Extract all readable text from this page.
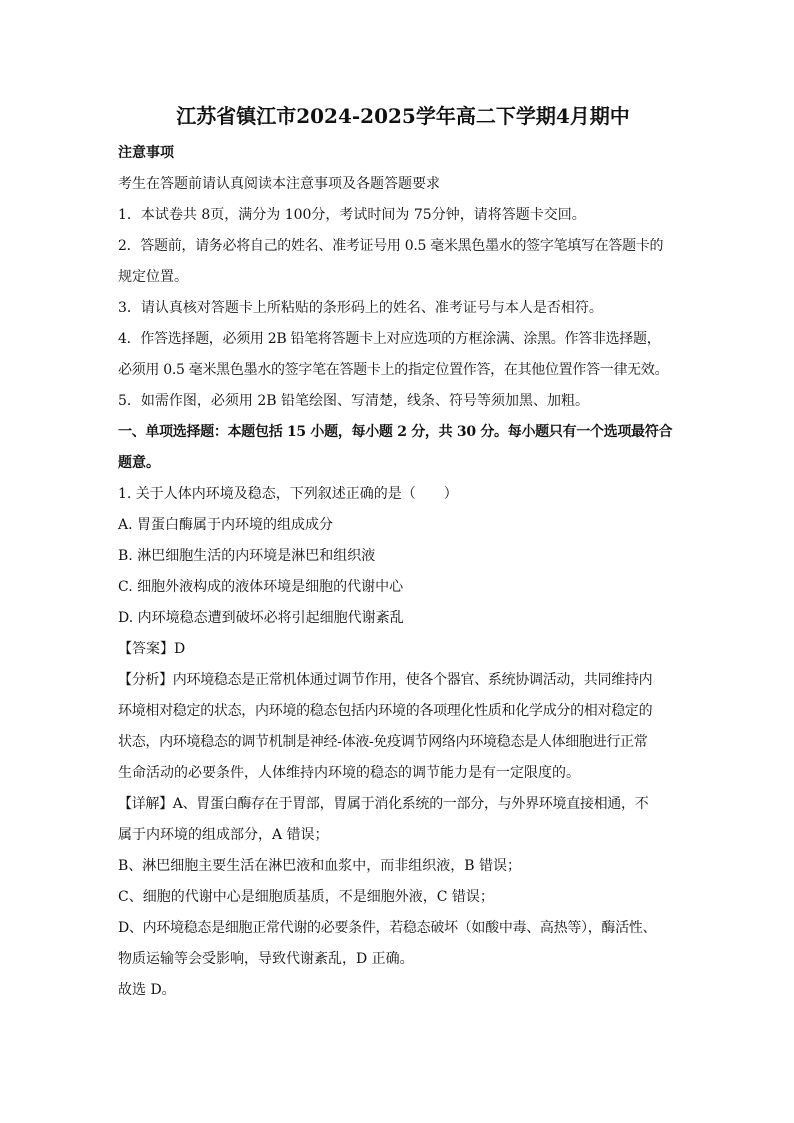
江苏省镇江市2024-2025学年高二下学期4月期中
注意事项
考生在答题前请认真阅读本注意事项及各题答题要求
1．本试卷共 8页，满分为 100分，考试时间为 75分钟，请将答题卡交回。
2．答题前，请务必将自己的姓名、准考证号用 0.5 毫米黑色墨水的签字笔填写在答题卡的
规定位置。
3．请认真核对答题卡上所粘贴的条形码上的姓名、准考证号与本人是否相符。
4．作答选择题，必须用 2B 铅笔将答题卡上对应选项的方框涂满、涂黑。作答非选择题，
必须用 0.5 毫米黑色墨水的签字笔在答题卡上的指定位置作答，在其他位置作答一律无效。
5．如需作图，必须用 2B 铅笔绘图、写清楚，线条、符号等须加黑、加粗。
一、单项选择题：本题包括 15 小题，每小题 2 分，共 30 分。每小题只有一个选项最符合
题意。
1. 关于人体内环境及稳态，下列叙述正确的是（　　）
A. 胃蛋白酶属于内环境的组成成分
B. 淋巴细胞生活的内环境是淋巴和组织液
C. 细胞外液构成的液体环境是细胞的代谢中心
D. 内环境稳态遭到破坏必将引起细胞代谢紊乱
【答案】D
【分析】内环境稳态是正常机体通过调节作用，使各个器官、系统协调活动，共同维持内
环境相对稳定的状态，内环境的稳态包括内环境的各项理化性质和化学成分的相对稳定的
状态，内环境稳态的调节机制是神经-体液-免疫调节网络内环境稳态是人体细胞进行正常
生命活动的必要条件，人体维持内环境的稳态的调节能力是有一定限度的。
【详解】A、胃蛋白酶存在于胃部，胃属于消化系统的一部分，与外界环境直接相通，不
属于内环境的组成部分，A 错误；
B、淋巴细胞主要生活在淋巴液和血浆中，而非组织液，B 错误；
C、细胞的代谢中心是细胞质基质，不是细胞外液，C 错误；
D、内环境稳态是细胞正常代谢的必要条件，若稳态破坏（如酸中毒、高热等），酶活性、
物质运输等会受影响，导致代谢紊乱，D 正确。
故选 D。
